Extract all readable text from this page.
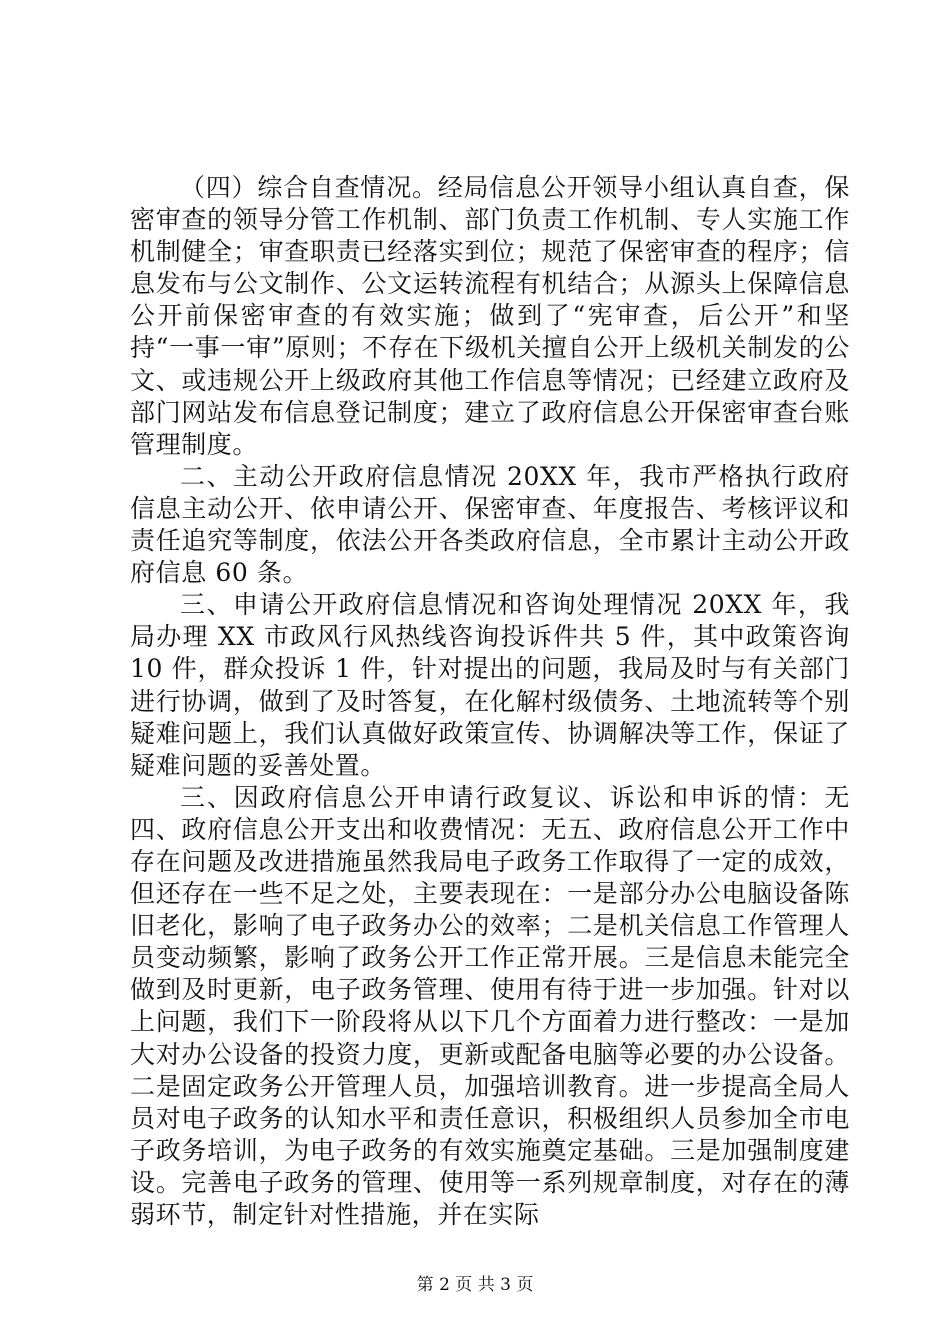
（四）综合自查情况。经局信息公开领导小组认真自查，保密审查的领导分管工作机制、部门负责工作机制、专人实施工作机制健全；审查职责已经落实到位；规范了保密审查的程序；信息发布与公文制作、公文运转流程有机结合；从源头上保障信息公开前保密审查的有效实施；做到了“宪审查，后公开”和坚持“一事一审”原则；不存在下级机关擅自公开上级机关制发的公文、或违规公开上级政府其他工作信息等情况；已经建立政府及部门网站发布信息登记制度；建立了政府信息公开保密审查台账管理制度。

二、主动公开政府信息情况 20XX 年，我市严格执行政府信息主动公开、依申请公开、保密审查、年度报告、考核评议和责任追究等制度，依法公开各类政府信息，全市累计主动公开政府信息 60 条。

三、申请公开政府信息情况和咨询处理情况 20XX 年，我局办理 XX 市政风行风热线咨询投诉件共 5 件，其中政策咨询 10 件，群众投诉 1 件，针对提出的问题，我局及时与有关部门进行协调，做到了及时答复，在化解村级债务、土地流转等个别疑难问题上，我们认真做好政策宣传、协调解决等工作，保证了疑难问题的妥善处置。

三、因政府信息公开申请行政复议、诉讼和申诉的情：无四、政府信息公开支出和收费情况：无五、政府信息公开工作中存在问题及改进措施虽然我局电子政务工作取得了一定的成效，但还存在一些不足之处，主要表现在：一是部分办公电脑设备陈旧老化，影响了电子政务办公的效率；二是机关信息工作管理人员变动频繁，影响了政务公开工作正常开展。三是信息未能完全做到及时更新，电子政务管理、使用有待于进一步加强。针对以上问题，我们下一阶段将从以下几个方面着力进行整改：一是加大对办公设备的投资力度，更新或配备电脑等必要的办公设备。二是固定政务公开管理人员，加强培训教育。进一步提高全局人员对电子政务的认知水平和责任意识，积极组织人员参加全市电子政务培训，为电子政务的有效实施奠定基础。三是加强制度建设。完善电子政务的管理、使用等一系列规章制度，对存在的薄弱环节，制定针对性措施，并在实际

第 2 页 共 3 页
